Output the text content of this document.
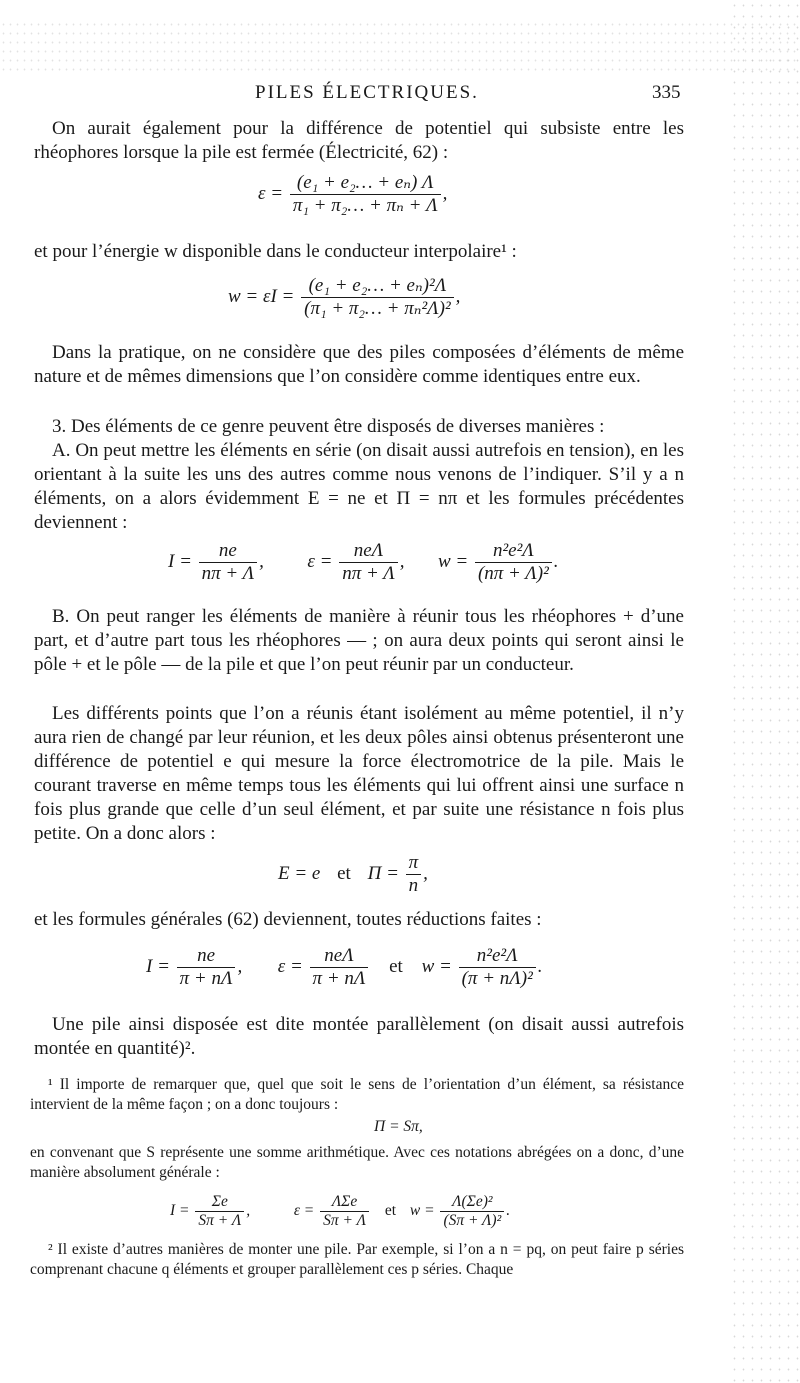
PILES ÉLECTRIQUES.	335
On aurait également pour la différence de potentiel qui subsiste entre les rhéophores lorsque la pile est fermée (Électricité, 62) :
$\varepsilon = \frac{\text{(e₁ + e₂… + eₙ) Λ}}{\text{π₁ + π₂… + πₙ + Λ}}$ ,
et pour l’énergie w disponible dans le conducteur interpolaire¹ :
$w = \varepsilon I = \frac{\text{(e₁ + e₂… + eₙ)²Λ}}{\text{(π₁ + π₂… + πₙ²Λ)²}}$ ,
Dans la pratique, on ne considère que des piles composées d’éléments de même nature et de mêmes dimensions que l’on considère comme identiques entre eux.
3. Des éléments de ce genre peuvent être disposés de diverses manières :
A. On peut mettre les éléments en série (on disait aussi autrefois en tension), en les orientant à la suite les uns des autres comme nous venons de l’indiquer. S’il y a n éléments, on a alors évidemment E = ne et Π = nπ et les formules précédentes deviennent :
$I = \frac{ne}{n\pi + \Lambda}$ , $\varepsilon = \frac{\text{neΛ}}{n\pi + \Lambda}$ , $w = \frac{\text{n²e²Λ}}{\text{(nπ + Λ)²}}$ .
B. On peut ranger les éléments de manière à réunir tous les rhéophores + d’une part, et d’autre part tous les rhéophores — ; on aura deux points qui seront ainsi le pôle + et le pôle — de la pile et que l’on peut réunir par un conducteur.
Les différents points que l’on a réunis étant isolément au même potentiel, il n’y aura rien de changé par leur réunion, et les deux pôles ainsi obtenus présenteront une différence de potentiel e qui mesure la force électromotrice de la pile. Mais le courant traverse en même temps tous les éléments qui lui offrent ainsi une surface n fois plus grande que celle d’un seul élément, et par suite une résistance n fois plus petite. On a donc alors :
E = e et $\Pi = \frac{\pi}{n}$ ,
et les formules générales (62) deviennent, toutes réductions faites :
$I = \frac{ne}{\pi + n\Lambda}$ , $\varepsilon = \frac{\text{neΛ}}{\pi + n\Lambda}$ et $w = \frac{\text{n²e²Λ}}{\text{(π + nΛ)²}}$ .
Une pile ainsi disposée est dite montée parallèlement (on disait aussi autrefois montée en quantité)².
¹ Il importe de remarquer que, quel que soit le sens de l’orientation d’un élément, sa résistance intervient de la même façon ; on a donc toujours :
Π = Sπ,
en convenant que S représente une somme arithmétique. Avec ces notations abrégées on a donc, d’une manière absolument générale :
$I = \frac{\Sigma e}{S\pi + \Lambda}$ ,	$\varepsilon = \frac{\text{ΛΣe}}{S\pi + \Lambda}$ et $w = \frac{\text{Λ(Σe)²}}{\text{(Sπ + Λ)²}}$ .
² Il existe d’autres manières de monter une pile. Par exemple, si l’on a n = pq, on peut faire p séries comprenant chacune q éléments et grouper parallèlement ces p séries. Chaque
